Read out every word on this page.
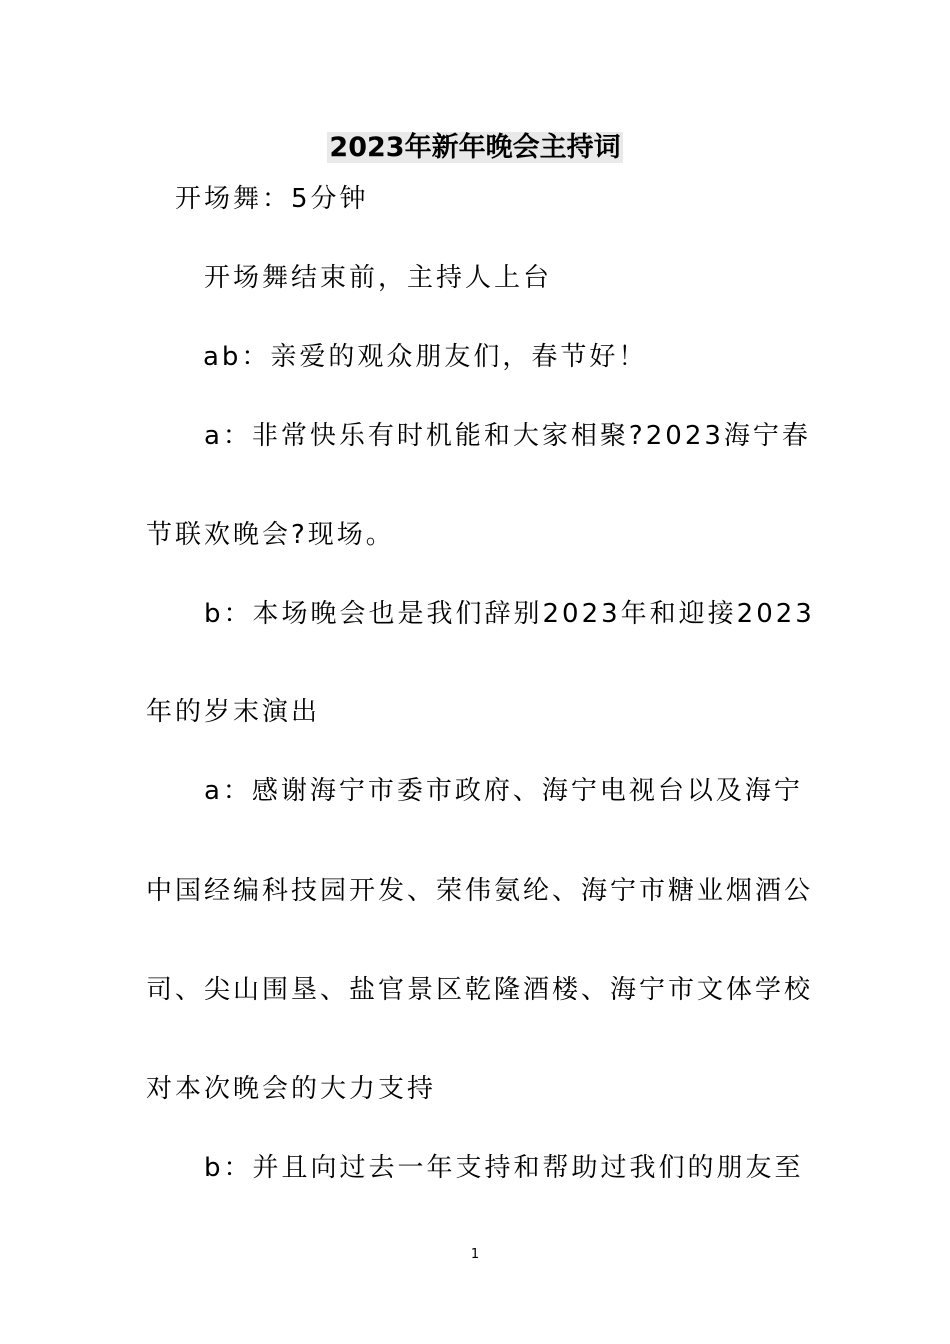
2023年新年晚会主持词
开场舞：5分钟
开场舞结束前，主持人上台
ab：亲爱的观众朋友们，春节好！
a：非常快乐有时机能和大家相聚?2023海宁春
节联欢晚会?现场。
b：本场晚会也是我们辞别2023年和迎接2023
年的岁末演出
a：感谢海宁市委市政府、海宁电视台以及海宁
中国经编科技园开发、荣伟氨纶、海宁市糖业烟酒公
司、尖山围垦、盐官景区乾隆酒楼、海宁市文体学校
对本次晚会的大力支持
b：并且向过去一年支持和帮助过我们的朋友至
1
